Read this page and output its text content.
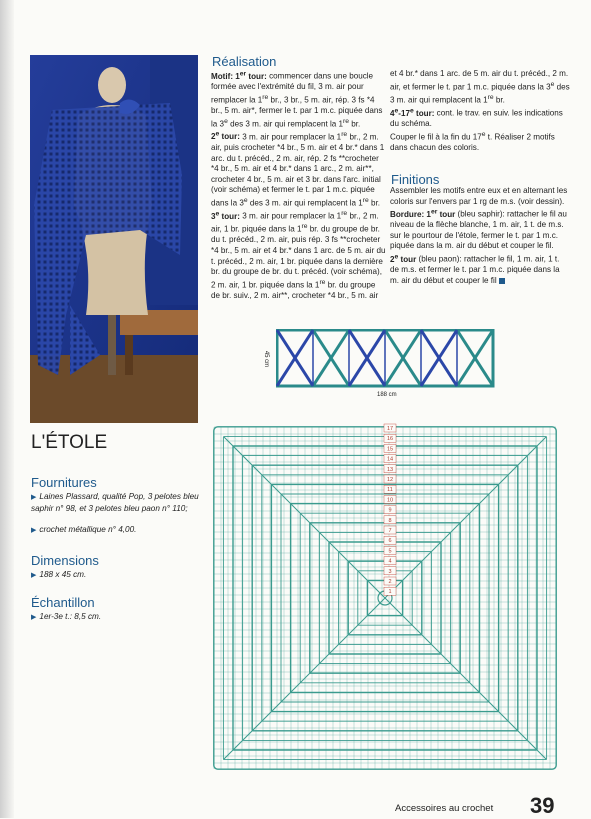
Réalisation
Motif: 1er tour: commencer dans une boucle formée avec l'extrémité du fil, 3 m. air pour remplacer la 1re br., 3 br., 5 m. air, rép. 3 fs *4 br., 5 m. air*, fermer le t. par 1 m.c. piquée dans la 3e des 3 m. air qui remplacent la 1re br.
2e tour: 3 m. air pour remplacer la 1re br., 2 m. air, puis crocheter *4 br., 5 m. air et 4 br.* dans 1 arc. du t. précéd., 2 m. air, rép. 2 fs **crocheter *4 br., 5 m. air et 4 br.* dans 1 arc., 2 m. air**, crocheter 4 br., 5 m. air et 3 br. dans l'arc. initial (voir schéma) et fermer le t. par 1 m.c. piquée dans la 3e des 3 m. air qui remplacent la 1re br.
3e tour: 3 m. air pour remplacer la 1re br., 2 m. air, 1 br. piquée dans la 1re br. du groupe de br. du t. précéd., 2 m. air, puis rép. 3 fs **crocheter *4 br., 5 m. air et 4 br.* dans 1 arc. de 5 m. air du t. précéd., 2 m. air, 1 br. piquée dans la dernière br. du groupe de br. du t. précéd. (voir schéma), 2 m. air, 1 br. piquée dans la 1re br. du groupe de br. suiv., 2 m. air**, crocheter *4 br., 5 m. air
et 4 br.* dans 1 arc. de 5 m. air du t. précéd., 2 m. air, et fermer le t. par 1 m.c. piquée dans la 3e des 3 m. air qui remplacent la 1re br.
4e-17e tour: cont. le trav. en suiv. les indications du schéma.
Couper le fil à la fin du 17e t. Réaliser 2 motifs dans chacun des coloris.
Finitions
Assembler les motifs entre eux et en alternant les coloris sur l'envers par 1 rg de m.s. (voir dessin).
Bordure: 1er tour (bleu saphir): rattacher le fil au niveau de la flèche blanche, 1 m. air, 1 t. de m.s. sur le pourtour de l'étole, fermer le t. par 1 m.c. piquée dans la m. air du début et couper le fil.
2e tour (bleu paon): rattacher le fil, 1 m. air, 1 t. de m.s. et fermer le t. par 1 m.c. piquée dans la m. air du début et couper le fil
188 cm
45 cm
L'ÉTOLE
Fournitures
▶ Laines Plassard, qualité Pop, 3 pelotes bleu saphir n° 98, et 3 pelotes bleu paon n° 110;
▶ crochet métallique n° 4,00.
Dimensions
▶ 188 x 45 cm.
Échantillon
▶ 1er-3e t.: 8,5 cm.
17
16
15
14
13
12
11
10
9
8
7
6
5
4
3
2
1
Accessoires au crochet 39
